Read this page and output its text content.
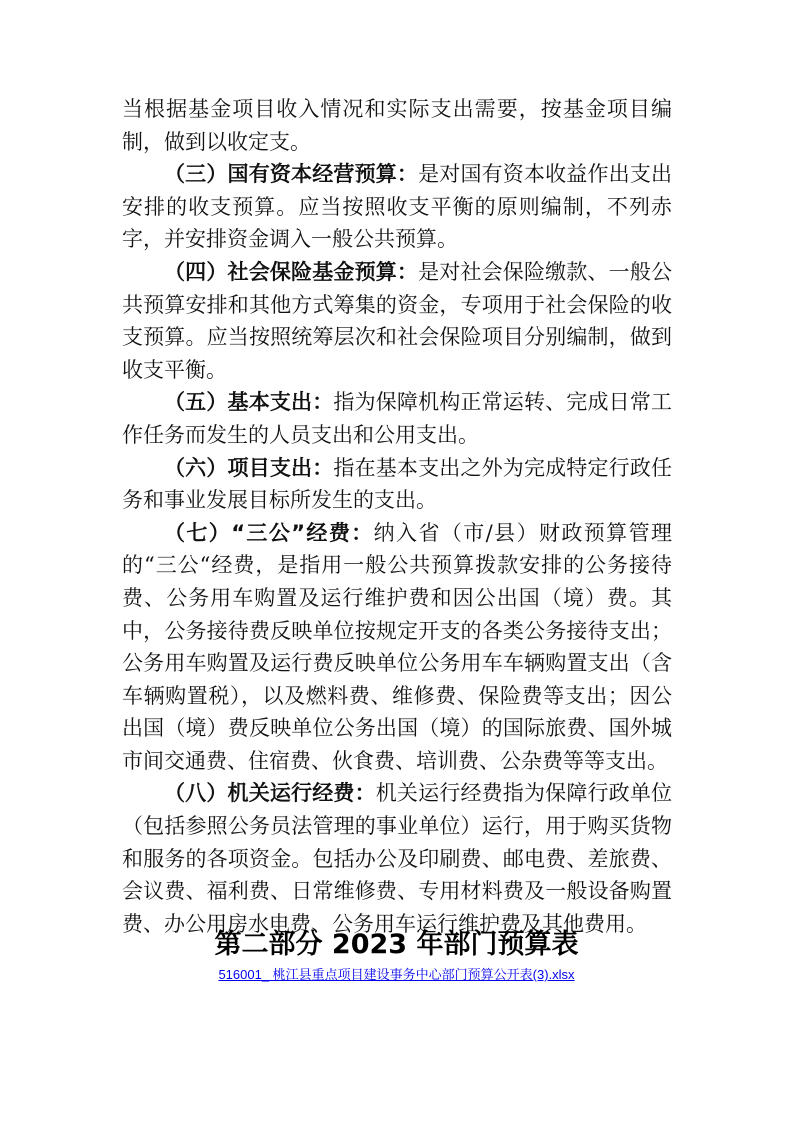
当根据基金项目收入情况和实际支出需要，按基金项目编制，做到以收定支。

（三）国有资本经营预算：是对国有资本收益作出支出安排的收支预算。应当按照收支平衡的原则编制，不列赤字，并安排资金调入一般公共预算。

（四）社会保险基金预算：是对社会保险缴款、一般公共预算安排和其他方式筹集的资金，专项用于社会保险的收支预算。应当按照统筹层次和社会保险项目分别编制，做到收支平衡。

（五）基本支出：指为保障机构正常运转、完成日常工作任务而发生的人员支出和公用支出。

（六）项目支出：指在基本支出之外为完成特定行政任务和事业发展目标所发生的支出。

（七）“三公”经费：纳入省（市/县）财政预算管理的“三公“经费，是指用一般公共预算拨款安排的公务接待费、公务用车购置及运行维护费和因公出国（境）费。其中，公务接待费反映单位按规定开支的各类公务接待支出；公务用车购置及运行费反映单位公务用车车辆购置支出（含车辆购置税），以及燃料费、维修费、保险费等支出；因公出国（境）费反映单位公务出国（境）的国际旅费、国外城市间交通费、住宿费、伙食费、培训费、公杂费等等支出。

（八）机关运行经费：机关运行经费指为保障行政单位（包括参照公务员法管理的事业单位）运行，用于购买货物和服务的各项资金。包括办公及印刷费、邮电费、差旅费、会议费、福利费、日常维修费、专用材料费及一般设备购置费、办公用房水电费、公务用车运行维护费及其他费用。

第二部分 2023 年部门预算表
516001_ 桃江县重点项目建设事务中心部门预算公开表(3).xlsx
